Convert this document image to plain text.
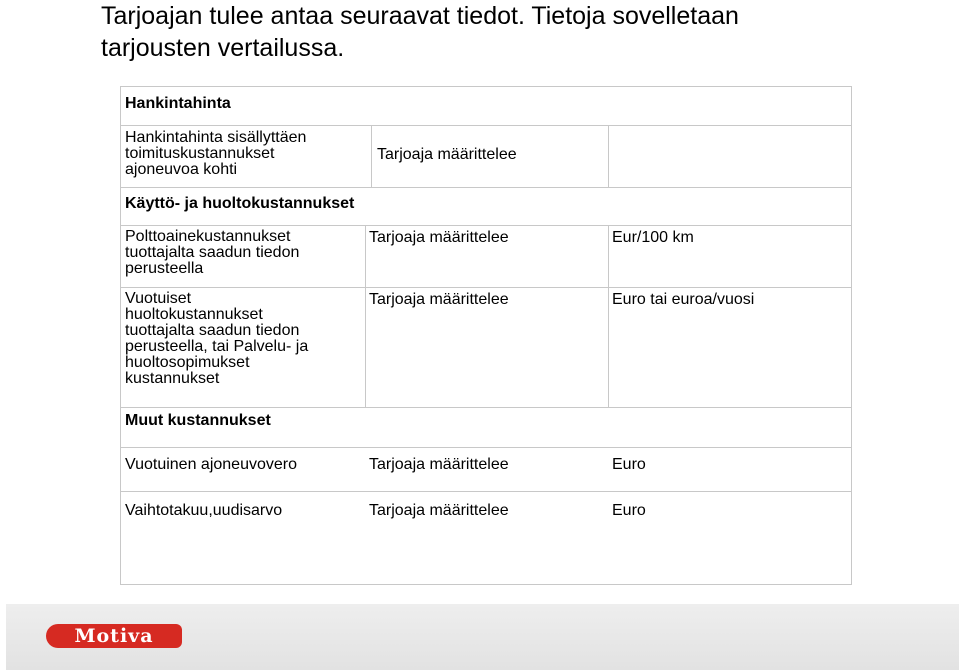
Tarjoajan tulee antaa seuraavat tiedot. Tietoja sovelletaan
tarjousten vertailussa.
Hankintahinta
Hankintahinta sisällyttäen
toimituskustannukset
ajoneuvoa kohti
Tarjoaja määrittelee
Käyttö- ja huoltokustannukset
Polttoainekustannukset
tuottajalta saadun tiedon
perusteella
Tarjoaja määrittelee	Eur/100 km
Vuotuiset
huoltokustannukset
tuottajalta saadun tiedon
perusteella, tai Palvelu- ja
huoltosopimukset
kustannukset
Tarjoaja määrittelee	Euro tai euroa/vuosi
Muut kustannukset
Vuotuinen ajoneuvovero	Tarjoaja määrittelee	Euro
Vaihtotakuu,uudisarvo	Tarjoaja määrittelee	Euro
Motiva
